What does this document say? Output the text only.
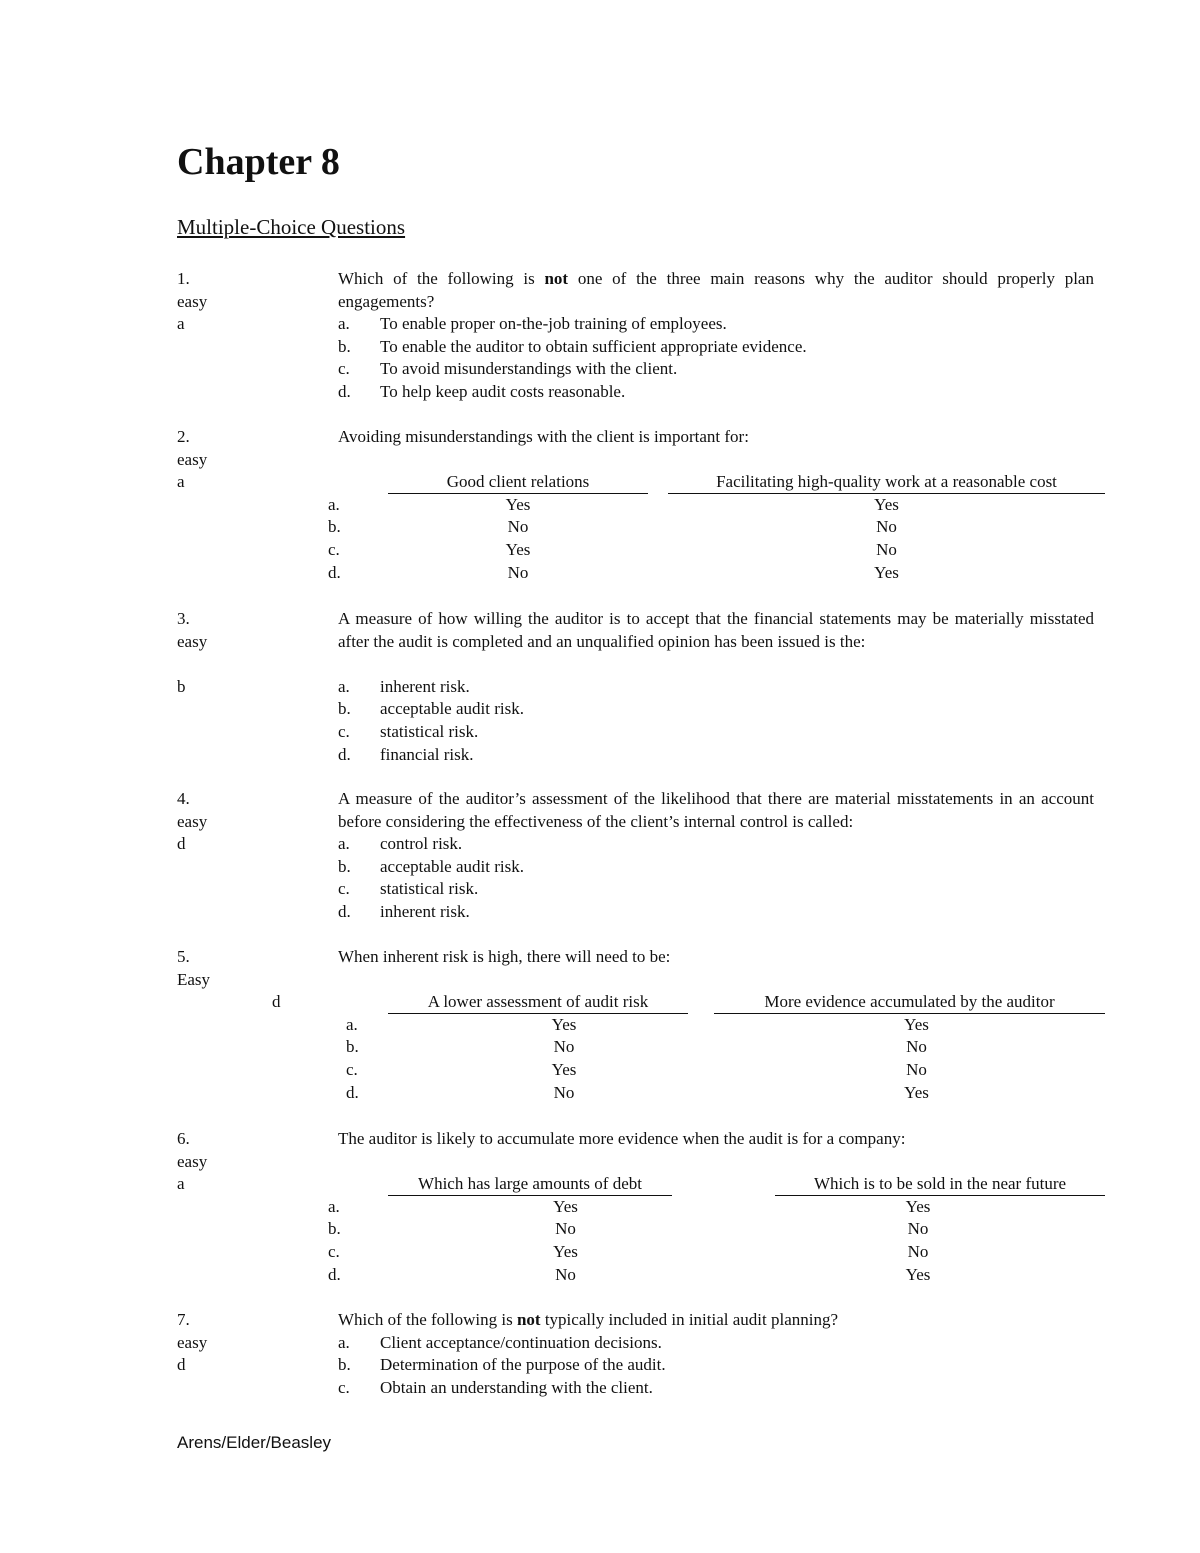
Chapter 8
Multiple-Choice Questions
1.
easy
a
Which of the following is not one of the three main reasons why the auditor should properly plan engagements?
a.	To enable proper on-the-job training of employees.
b.	To enable the auditor to obtain sufficient appropriate evidence.
c.	To avoid misunderstandings with the client.
d.	To help keep audit costs reasonable.
2.
easy
a
Avoiding misunderstandings with the client is important for:
Good client relations	Facilitating high-quality work at a reasonable cost
a.	Yes	Yes
b.	No	No
c.	Yes	No
d.	No	Yes
3.
easy
b
A measure of how willing the auditor is to accept that the financial statements may be materially misstated after the audit is completed and an unqualified opinion has been issued is the:
a.	inherent risk.
b.	acceptable audit risk.
c.	statistical risk.
d.	financial risk.
4.
easy
d
A measure of the auditor’s assessment of the likelihood that there are material misstatements in an account before considering the effectiveness of the client’s internal control is called:
a.	control risk.
b.	acceptable audit risk.
c.	statistical risk.
d.	inherent risk.
5.
Easy
d
When inherent risk is high, there will need to be:
A lower assessment of audit risk	More evidence accumulated by the auditor
a.	Yes	Yes
b.	No	No
c.	Yes	No
d.	No	Yes
6.
easy
a
The auditor is likely to accumulate more evidence when the audit is for a company:
Which has large amounts of debt	Which is to be sold in the near future
a.	Yes	Yes
b.	No	No
c.	Yes	No
d.	No	Yes
7.
easy
d
Which of the following is not typically included in initial audit planning?
a.	Client acceptance/continuation decisions.
b.	Determination of the purpose of the audit.
c.	Obtain an understanding with the client.
Arens/Elder/Beasley
